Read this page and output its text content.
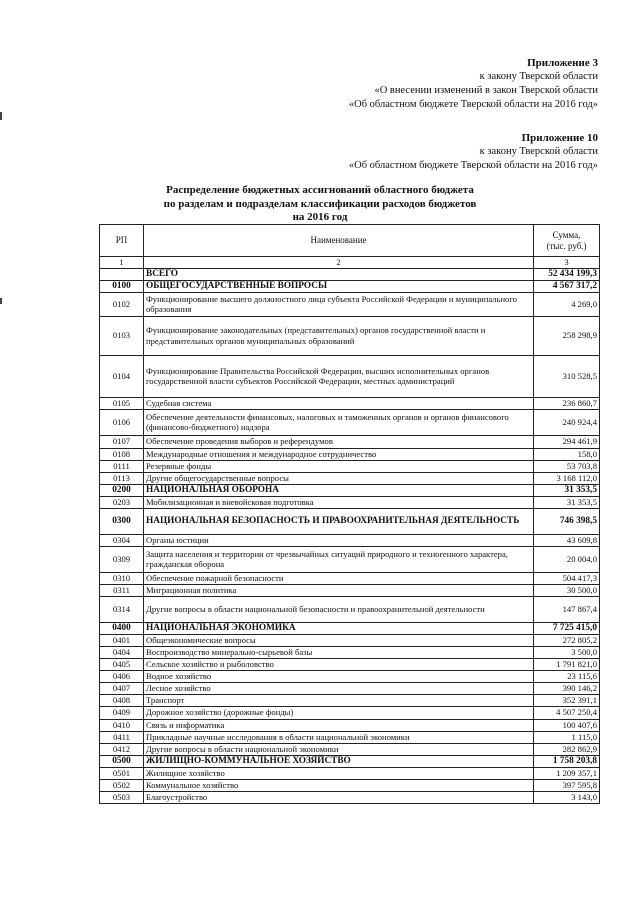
Приложение 3
к закону Тверской области
«О внесении изменений в закон Тверской области
«Об областном бюджете Тверской области на 2016 год»
Приложение 10
к закону Тверской области
«Об областном бюджете Тверской области на 2016 год»
Распределение бюджетных ассигнований областного бюджета
по разделам и подразделам классификации расходов бюджетов
на 2016 год
РП	Наименование	Сумма,
(тыс. руб.)

1	2	3
	ВСЕГО	52 434 199,3
0100	ОБЩЕГОСУДАРСТВЕННЫЕ ВОПРОСЫ	4 567 317,2
0102	Функционирование высшего должностного лица субъекта Российской Федерации и муниципального образования	4 269,0
0103	Функционирование законодательных (представительных) органов государственной власти и представительных органов муниципальных образований	258 298,9
0104	Функционирование Правительства Российской Федерации, высших исполнительных органов государственной власти субъектов Российской Федерации, местных администраций	310 528,5
0105	Судебная система	236 860,7
0106	Обеспечение деятельности финансовых, налоговых и таможенных органов и органов финансового (финансово-бюджетного) надзора	240 924,4
0107	Обеспечение проведения выборов и референдумов	294 461,9
0108	Международные отношения и международное сотрудничество	158,0
0111	Резервные фонды	53 703,8
0113	Другие общегосударственные вопросы	3 168 112,0
0200	НАЦИОНАЛЬНАЯ ОБОРОНА	31 353,5
0203	Мобилизационная и вневойсковая подготовка	31 353,5
0300	НАЦИОНАЛЬНАЯ БЕЗОПАСНОСТЬ И ПРАВООХРАНИТЕЛЬНАЯ ДЕЯТЕЛЬНОСТЬ	746 398,5
0304	Органы юстиции	43 609,8
0309	Защита населения и территории от чрезвычайных ситуаций природного и техногенного характера, гражданская оборона	20 004,0
0310	Обеспечение пожарной безопасности	504 417,3
0311	Миграционная политика	30 500,0
0314	Другие вопросы в области национальной безопасности и правоохранительной деятельности	147 867,4
0400	НАЦИОНАЛЬНАЯ ЭКОНОМИКА	7 725 415,0
0401	Общеэкономические вопросы	272 805,2
0404	Воспроизводство минерально-сырьевой базы	3 500,0
0405	Сельское хозяйство и рыболовство	1 791 821,0
0406	Водное хозяйство	23 115,6
0407	Лесное хозяйство	390 146,2
0408	Транспорт	352 391,1
0409	Дорожное хозяйство (дорожные фонды)	4 507 250,4
0410	Связь и информатика	100 407,6
0411	Прикладные научные исследования в области национальной экономики	1 115,0
0412	Другие вопросы в области национальной экономики	282 862,9
0500	ЖИЛИЩНО-КОММУНАЛЬНОЕ ХОЗЯЙСТВО	1 758 203,8
0501	Жилищное хозяйство	1 209 357,1
0502	Коммунальное хозяйство	397 595,8
0503	Благоустройство	3 143,0
